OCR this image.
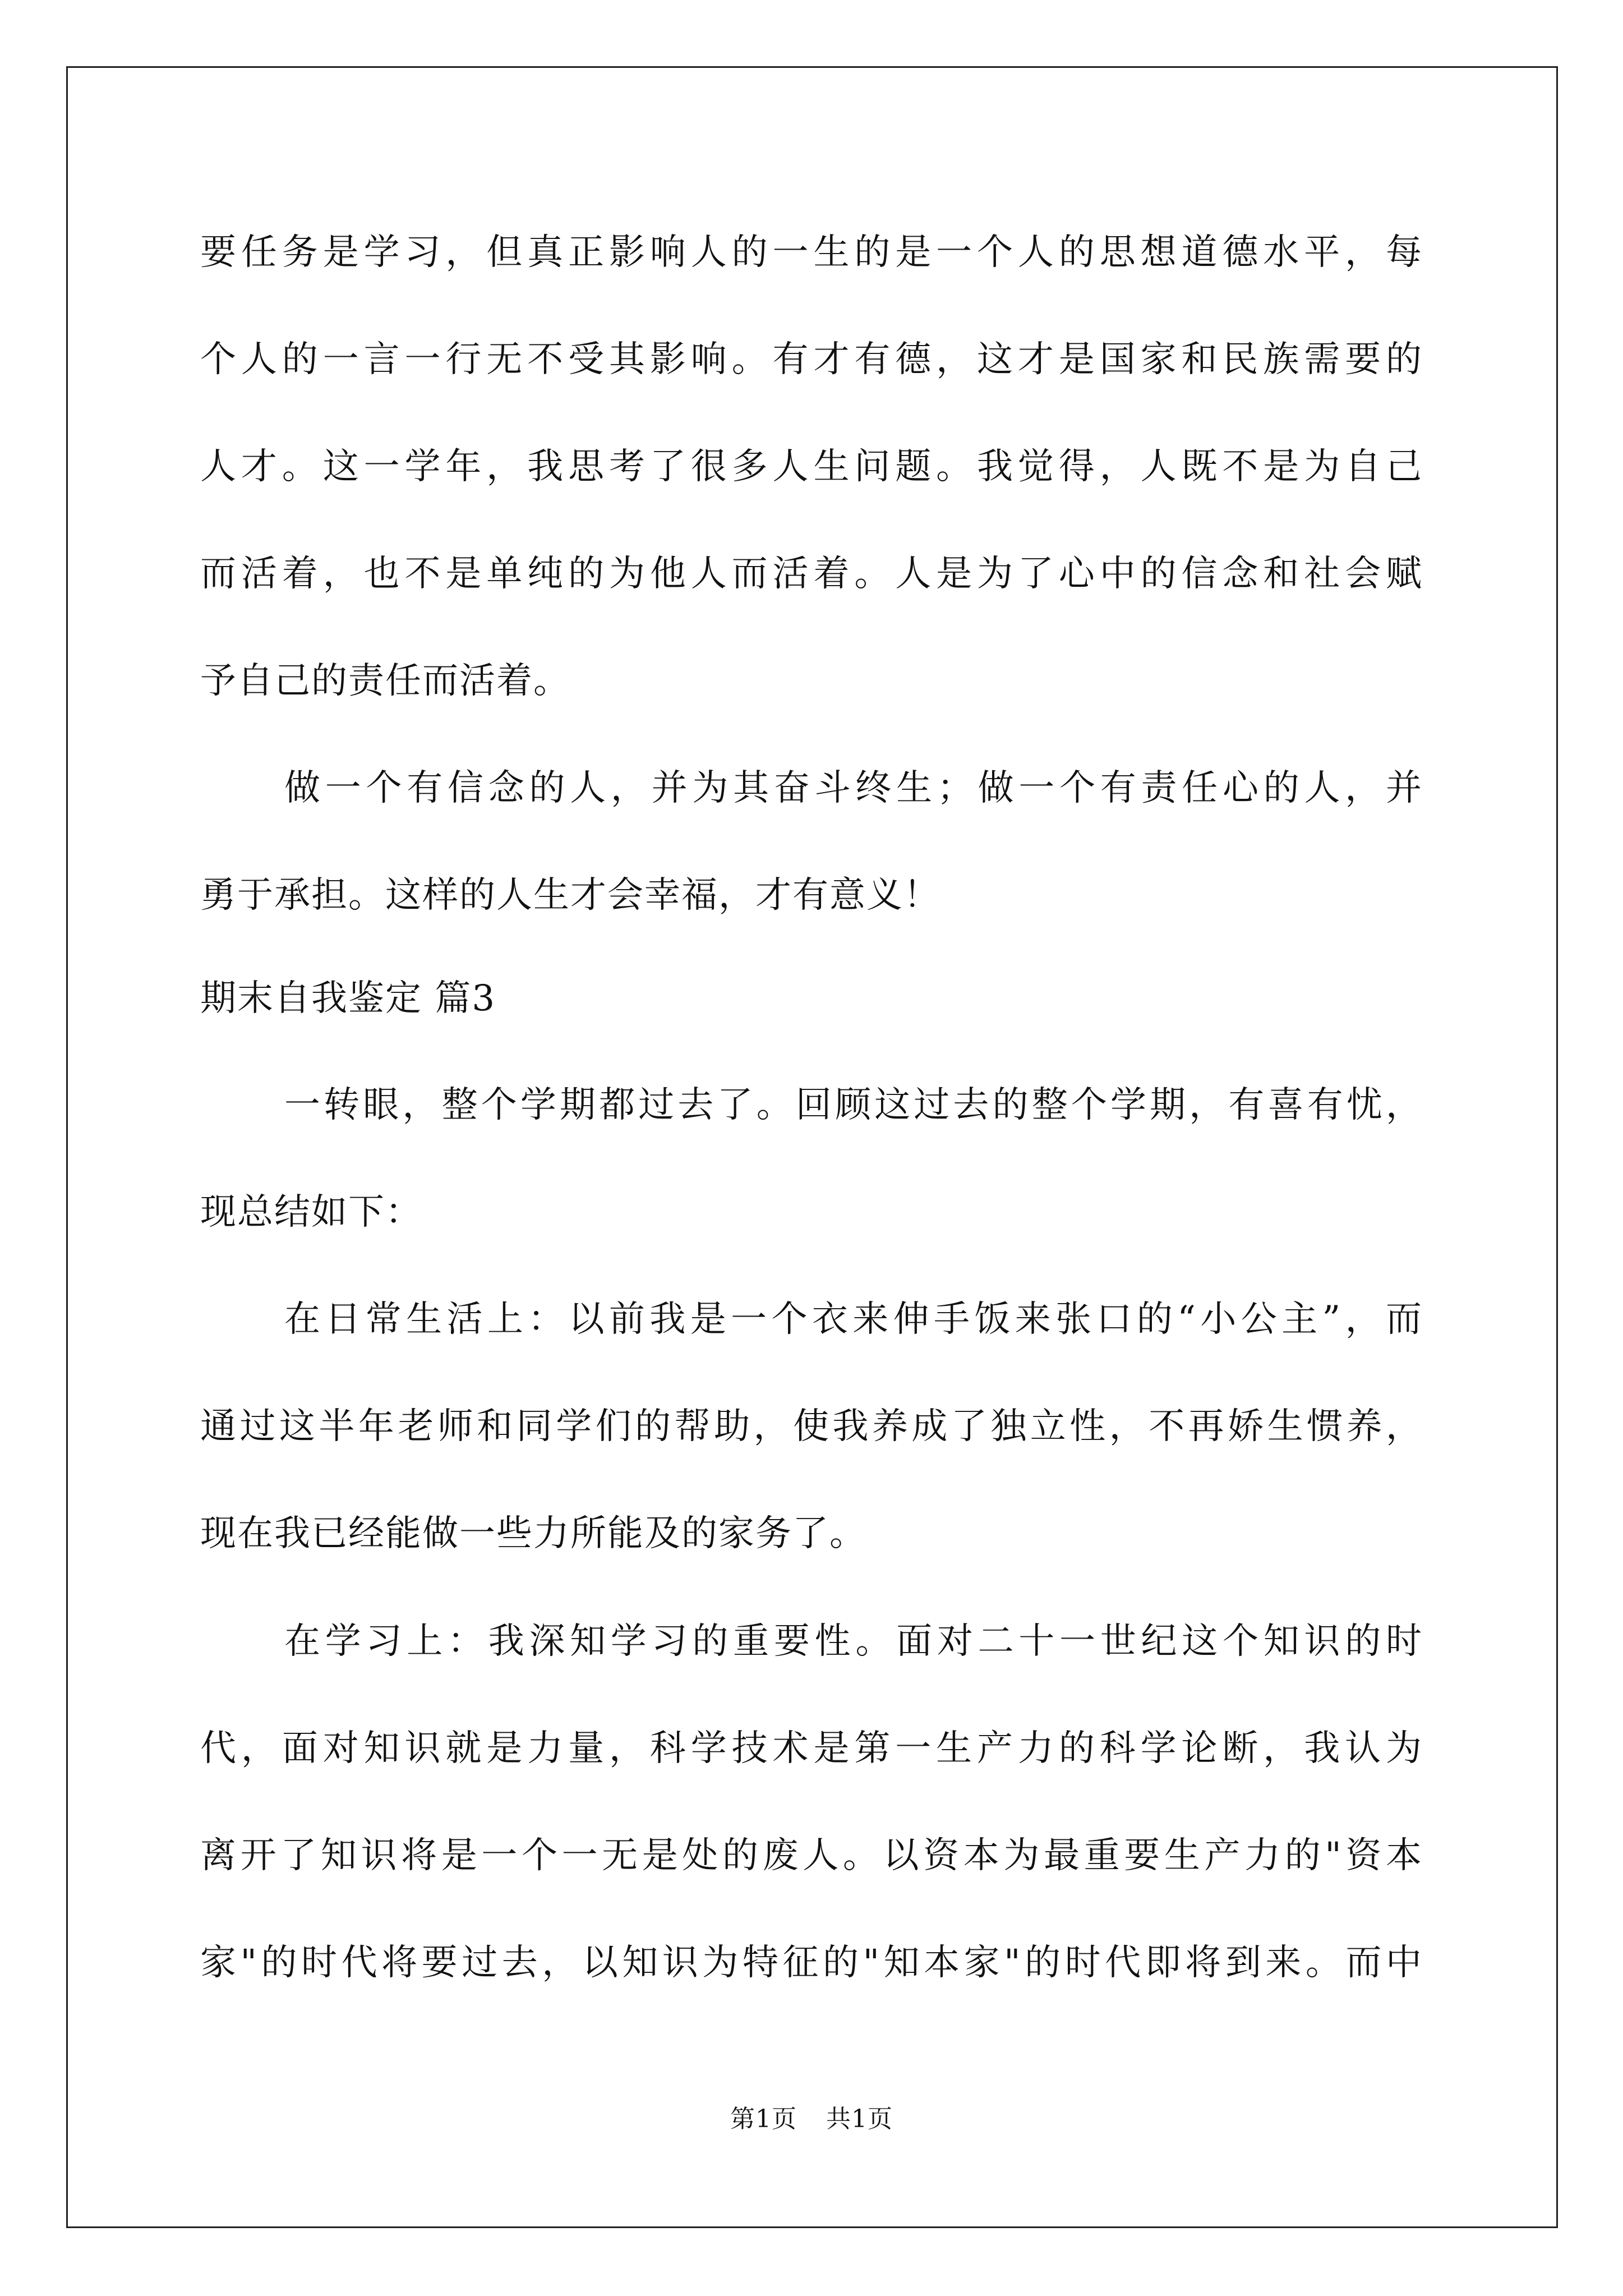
要任务是学习，但真正影响人的一生的是一个人的思想道德水平，每
个人的一言一行无不受其影响。有才有德，这才是国家和民族需要的
人才。这一学年，我思考了很多人生问题。我觉得，人既不是为自己
而活着，也不是单纯的为他人而活着。人是为了心中的信念和社会赋
予自己的责任而活着。
做一个有信念的人，并为其奋斗终生；做一个有责任心的人，并
勇于承担。这样的人生才会幸福，才有意义！
期末自我鉴定 篇3
一转眼，整个学期都过去了。回顾这过去的整个学期，有喜有忧，
现总结如下：
在日常生活上：以前我是一个衣来伸手饭来张口的“小公主”，而
通过这半年老师和同学们的帮助，使我养成了独立性，不再娇生惯养，
现在我已经能做一些力所能及的家务了。
在学习上：我深知学习的重要性。面对二十一世纪这个知识的时
代，面对知识就是力量，科学技术是第一生产力的科学论断，我认为
离开了知识将是一个一无是处的废人。以资本为最重要生产力的"资本
家"的时代将要过去，以知识为特征的"知本家"的时代即将到来。而中
第1页 共1页
